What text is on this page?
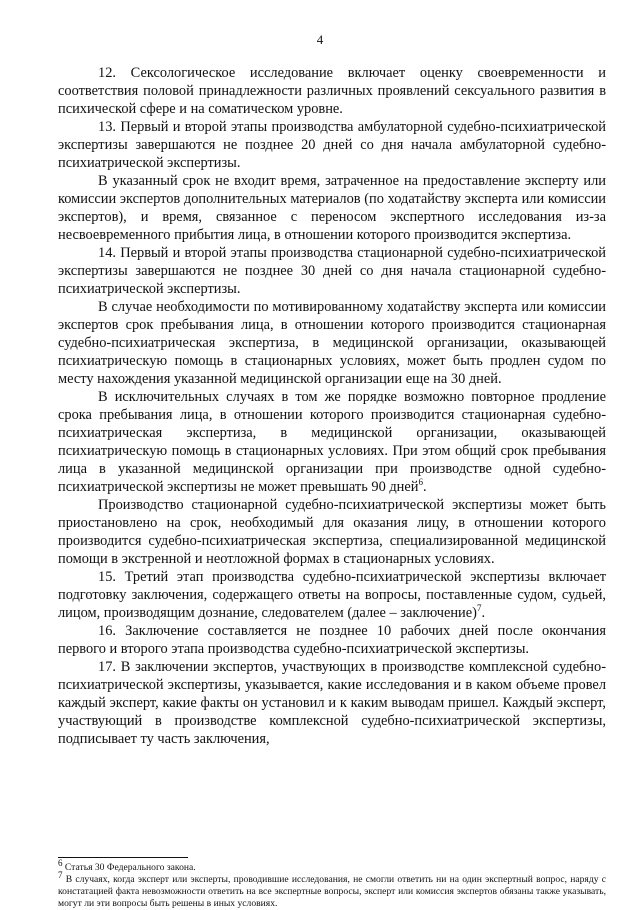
4

12. Сексологическое исследование включает оценку своевременности и соответствия половой принадлежности различных проявлений сексуального развития в психической сфере и на соматическом уровне.

13. Первый и второй этапы производства амбулаторной судебно-психиатрической экспертизы завершаются не позднее 20 дней со дня начала амбулаторной судебно-психиатрической экспертизы.

В указанный срок не входит время, затраченное на предоставление эксперту или комиссии экспертов дополнительных материалов (по ходатайству эксперта или комиссии экспертов), и время, связанное с переносом экспертного исследования из-за несвоевременного прибытия лица, в отношении которого производится экспертиза.

14. Первый и второй этапы производства стационарной судебно-психиатрической экспертизы завершаются не позднее 30 дней со дня начала стационарной судебно-психиатрической экспертизы.

В случае необходимости по мотивированному ходатайству эксперта или комиссии экспертов срок пребывания лица, в отношении которого производится стационарная судебно-психиатрическая экспертиза, в медицинской организации, оказывающей психиатрическую помощь в стационарных условиях, может быть продлен судом по месту нахождения указанной медицинской организации еще на 30 дней.

В исключительных случаях в том же порядке возможно повторное продление срока пребывания лица, в отношении которого производится стационарная судебно-психиатрическая экспертиза, в медицинской организации, оказывающей психиатрическую помощь в стационарных условиях. При этом общий срок пребывания лица в указанной медицинской организации при производстве одной судебно-психиатрической экспертизы не может превышать 90 дней$^6$.

Производство стационарной судебно-психиатрической экспертизы может быть приостановлено на срок, необходимый для оказания лицу, в отношении которого производится судебно-психиатрическая экспертиза, специализированной медицинской помощи в экстренной и неотложной формах в стационарных условиях.

15. Третий этап производства судебно-психиатрической экспертизы включает подготовку заключения, содержащего ответы на вопросы, поставленные судом, судьей, лицом, производящим дознание, следователем (далее – заключение)$^7$.

16. Заключение составляется не позднее 10 рабочих дней после окончания первого и второго этапа производства судебно-психиатрической экспертизы.

17. В заключении экспертов, участвующих в производстве комплексной судебно-психиатрической экспертизы, указывается, какие исследования и в каком объеме провел каждый эксперт, какие факты он установил и к каким выводам пришел. Каждый эксперт, участвующий в производстве комплексной судебно-психиатрической экспертизы, подписывает ту часть заключения,

$^6$ Статья 30 Федерального закона.

$^7$ В случаях, когда эксперт или эксперты, проводившие исследования, не смогли ответить ни на один экспертный вопрос, наряду с констатацией факта невозможности ответить на все экспертные вопросы, эксперт или комиссия экспертов обязаны также указывать, могут ли эти вопросы быть решены в иных условиях.
